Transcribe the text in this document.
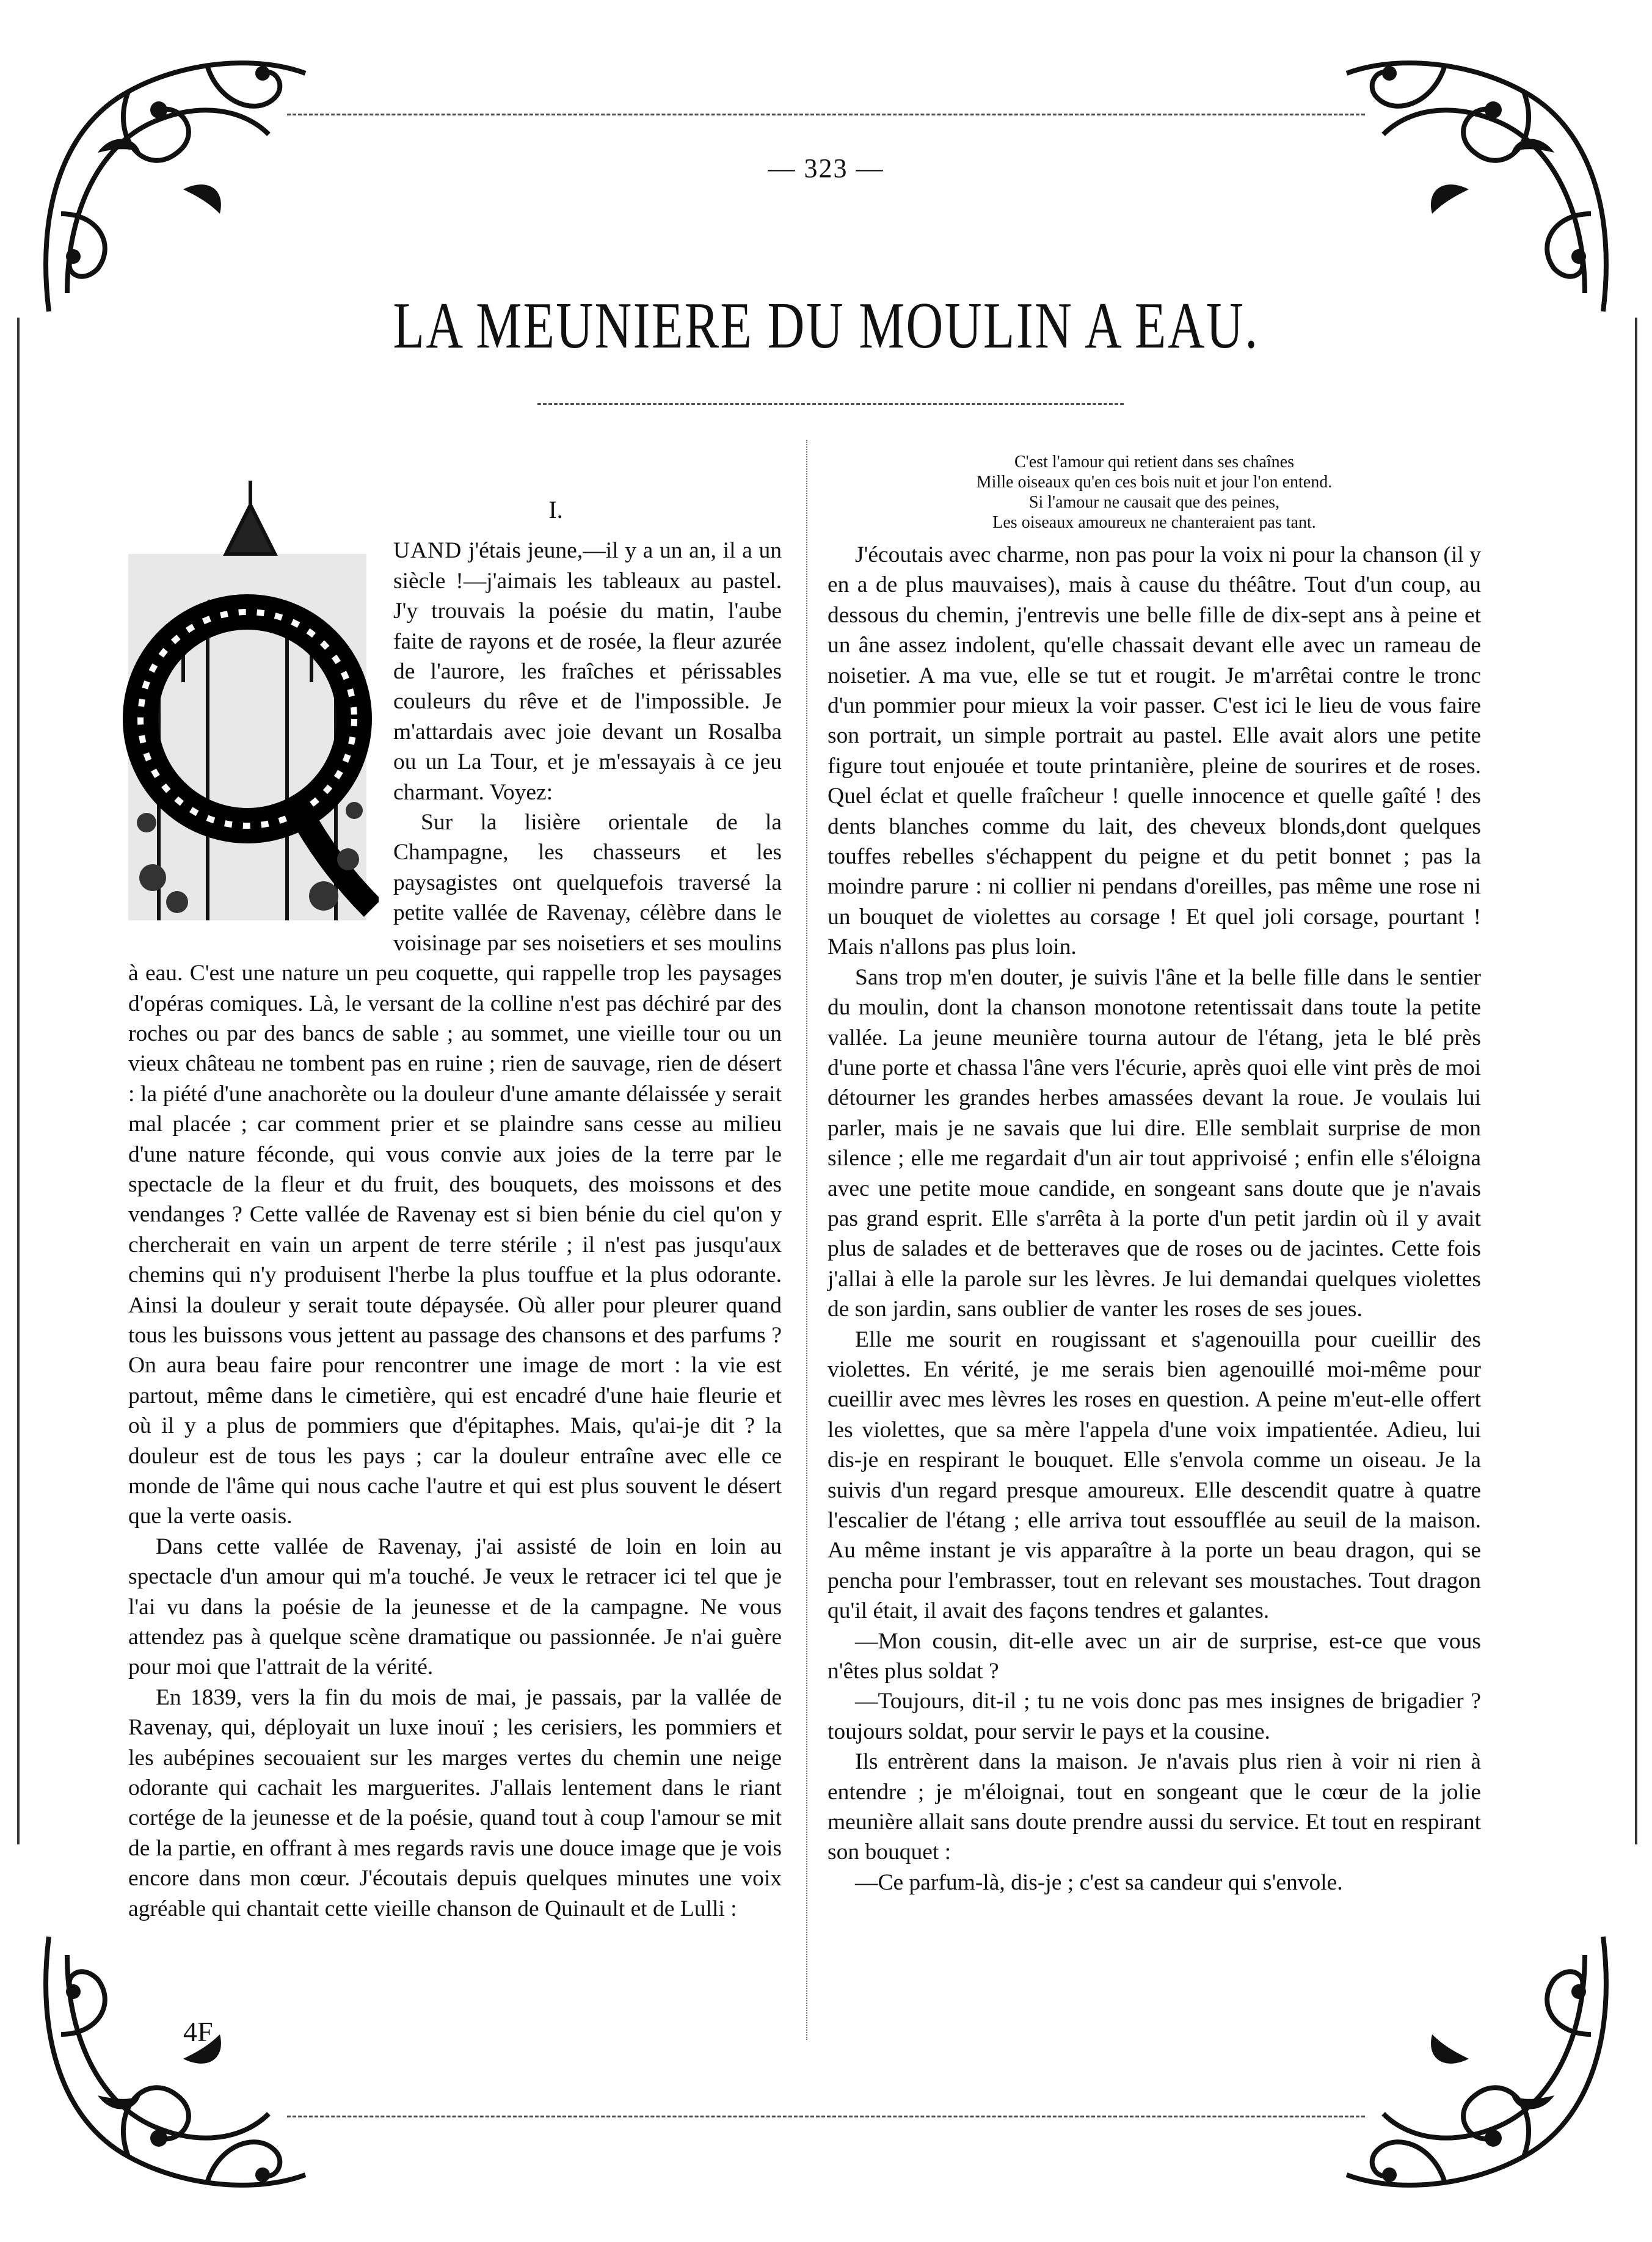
— 323 —
LA MEUNIERE DU MOULIN A EAU.
I.

UAND j'étais jeune,—il y a un an, il a un siècle !—j'aimais les tableaux au pastel. J'y trouvais la poésie du matin, l'aube faite de rayons et de rosée, la fleur azurée de l'aurore, les fraîches et périssables couleurs du rêve et de l'impossible. Je m'attardais avec joie devant un Rosalba ou un La Tour, et je m'essayais à ce jeu charmant. Voyez:

Sur la lisière orientale de la Champagne, les chasseurs et les paysagistes ont quelquefois traversé la petite vallée de Ravenay, célèbre dans le voisinage par ses noisetiers et ses moulins à eau. C'est une nature un peu coquette, qui rappelle trop les paysages d'opéras comiques. Là, le versant de la colline n'est pas déchiré par des roches ou par des bancs de sable ; au sommet, une vieille tour ou un vieux château ne tombent pas en ruine ; rien de sauvage, rien de désert : la piété d'une anachorète ou la douleur d'une amante délaissée y serait mal placée ; car comment prier et se plaindre sans cesse au milieu d'une nature féconde, qui vous convie aux joies de la terre par le spectacle de la fleur et du fruit, des bouquets, des moissons et des vendanges ? Cette vallée de Ravenay est si bien bénie du ciel qu'on y chercherait en vain un arpent de terre stérile ; il n'est pas jusqu'aux chemins qui n'y produisent l'herbe la plus touffue et la plus odorante. Ainsi la douleur y serait toute dépaysée. Où aller pour pleurer quand tous les buissons vous jettent au passage des chansons et des parfums ? On aura beau faire pour rencontrer une image de mort : la vie est partout, même dans le cimetière, qui est encadré d'une haie fleurie et où il y a plus de pommiers que d'épitaphes. Mais, qu'ai-je dit ? la douleur est de tous les pays ; car la douleur entraîne avec elle ce monde de l'âme qui nous cache l'autre et qui est plus souvent le désert que la verte oasis.

Dans cette vallée de Ravenay, j'ai assisté de loin en loin au spectacle d'un amour qui m'a touché. Je veux le retracer ici tel que je l'ai vu dans la poésie de la jeunesse et de la campagne. Ne vous attendez pas à quelque scène dramatique ou passionnée. Je n'ai guère pour moi que l'attrait de la vérité.

En 1839, vers la fin du mois de mai, je passais, par la vallée de Ravenay, qui, déployait un luxe inouï ; les cerisiers, les pommiers et les aubépines secouaient sur les marges vertes du chemin une neige odorante qui cachait les marguerites. J'allais lentement dans le riant cortége de la jeunesse et de la poésie, quand tout à coup l'amour se mit de la partie, en offrant à mes regards ravis une douce image que je vois encore dans mon cœur. J'écoutais depuis quelques minutes une voix agréable qui chantait cette vieille chanson de Quinault et de Lulli :

C'est l'amour qui retient dans ses chaînes
Mille oiseaux qu'en ces bois nuit et jour l'on entend.
Si l'amour ne causait que des peines,
Les oiseaux amoureux ne chanteraient pas tant.

J'écoutais avec charme, non pas pour la voix ni pour la chanson (il y en a de plus mauvaises), mais à cause du théâtre. Tout d'un coup, au dessous du chemin, j'entrevis une belle fille de dix-sept ans à peine et un âne assez indolent, qu'elle chassait devant elle avec un rameau de noisetier. A ma vue, elle se tut et rougit. Je m'arrêtai contre le tronc d'un pommier pour mieux la voir passer. C'est ici le lieu de vous faire son portrait, un simple portrait au pastel. Elle avait alors une petite figure tout enjouée et toute printanière, pleine de sourires et de roses. Quel éclat et quelle fraîcheur ! quelle innocence et quelle gaîté ! des dents blanches comme du lait, des cheveux blonds,dont quelques touffes rebelles s'échappent du peigne et du petit bonnet ; pas la moindre parure : ni collier ni pendans d'oreilles, pas même une rose ni un bouquet de violettes au corsage ! Et quel joli corsage, pourtant ! Mais n'allons pas plus loin.

Sans trop m'en douter, je suivis l'âne et la belle fille dans le sentier du moulin, dont la chanson monotone retentissait dans toute la petite vallée. La jeune meunière tourna autour de l'étang, jeta le blé près d'une porte et chassa l'âne vers l'écurie, après quoi elle vint près de moi détourner les grandes herbes amassées devant la roue. Je voulais lui parler, mais je ne savais que lui dire. Elle semblait surprise de mon silence ; elle me regardait d'un air tout apprivoisé ; enfin elle s'éloigna avec une petite moue candide, en songeant sans doute que je n'avais pas grand esprit. Elle s'arrêta à la porte d'un petit jardin où il y avait plus de salades et de betteraves que de roses ou de jacintes. Cette fois j'allai à elle la parole sur les lèvres. Je lui demandai quelques violettes de son jardin, sans oublier de vanter les roses de ses joues.

Elle me sourit en rougissant et s'agenouilla pour cueillir des violettes. En vérité, je me serais bien agenouillé moi-même pour cueillir avec mes lèvres les roses en question. A peine m'eut-elle offert les violettes, que sa mère l'appela d'une voix impatientée. Adieu, lui dis-je en respirant le bouquet. Elle s'envola comme un oiseau. Je la suivis d'un regard presque amoureux. Elle descendit quatre à quatre l'escalier de l'étang ; elle arriva tout essoufflée au seuil de la maison. Au même instant je vis apparaître à la porte un beau dragon, qui se pencha pour l'embrasser, tout en relevant ses moustaches. Tout dragon qu'il était, il avait des façons tendres et galantes.

—Mon cousin, dit-elle avec un air de surprise, est-ce que vous n'êtes plus soldat ?

—Toujours, dit-il ; tu ne vois donc pas mes insignes de brigadier ? toujours soldat, pour servir le pays et la cousine.

Ils entrèrent dans la maison. Je n'avais plus rien à voir ni rien à entendre ; je m'éloignai, tout en songeant que le cœur de la jolie meunière allait sans doute prendre aussi du service. Et tout en respirant son bouquet :

—Ce parfum-là, dis-je ; c'est sa candeur qui s'envole.

4F
